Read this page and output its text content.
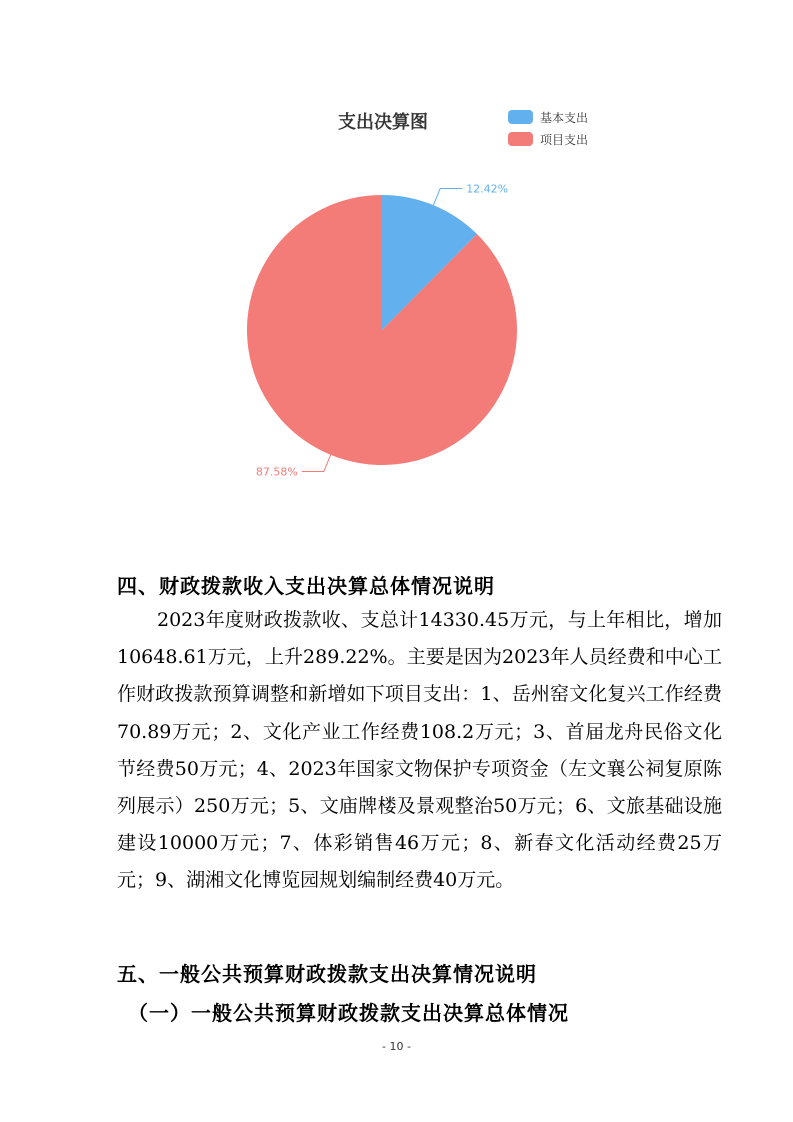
支出决算图	基本支出
项目支出
12.42%
87.58%
四、财政拨款收入支出决算总体情况说明
2023年度财政拨款收、支总计14330.45万元，与上年相比，增加10648.61万元，上升289.22%。主要是因为2023年人员经费和中心工作财政拨款预算调整和新增如下项目支出：1、岳州窑文化复兴工作经费70.89万元；2、文化产业工作经费108.2万元；3、首届龙舟民俗文化节经费50万元；4、2023年国家文物保护专项资金（左文襄公祠复原陈列展示）250万元；5、文庙牌楼及景观整治50万元；6、文旅基础设施建设10000万元；7、体彩销售46万元；8、新春文化活动经费25万元；9、湖湘文化博览园规划编制经费40万元。
五、一般公共预算财政拨款支出决算情况说明
（一）一般公共预算财政拨款支出决算总体情况
- 10 -
